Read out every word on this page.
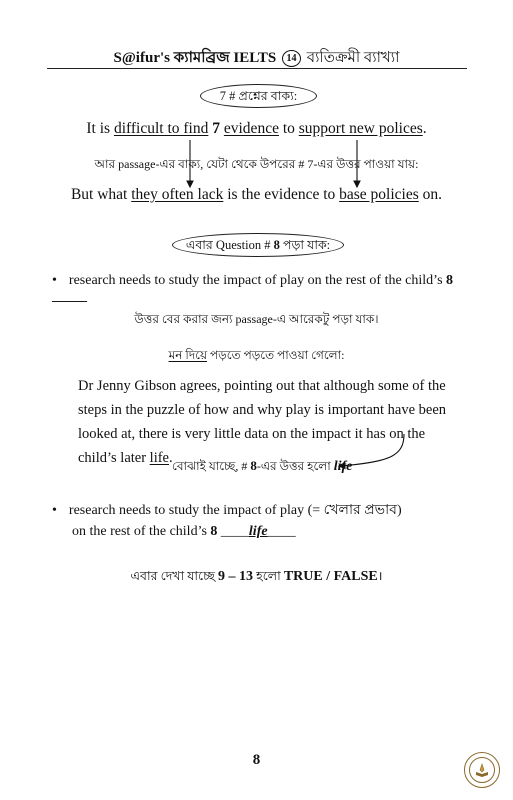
S@ifur's ক্যামব্রিজ IELTS 14 ব্যতিক্রমী ব্যাখ্যা
7 # প্রশ্নের বাক্য:
It is difficult to find 7 evidence to support new polices.
আর passage-এর বাক্য, যেটা থেকে উপরের # 7-এর উত্তর পাওয়া যায়:
But what they often lack is the evidence to base policies on.
এবার Question # 8 পড়া যাক:
• research needs to study the impact of play on the rest of the child’s 8 _____
উত্তর বের করার জন্য passage-এ আরেকটু পড়া যাক।
মন দিয়ে পড়তে পড়তে পাওয়া গেলো:
Dr Jenny Gibson agrees, pointing out that although some of the steps in the puzzle of how and why play is important have been looked at, there is very little data on the impact it has on the child’s later life. বোঝাই যাচ্ছে, # 8-এর উত্তর হলো life
• research needs to study the impact of play (= খেলার প্রভাব)
on the rest of the child’s 8 ____life____
এবার দেখা যাচ্ছে 9 – 13 হলো TRUE / FALSE।
8
